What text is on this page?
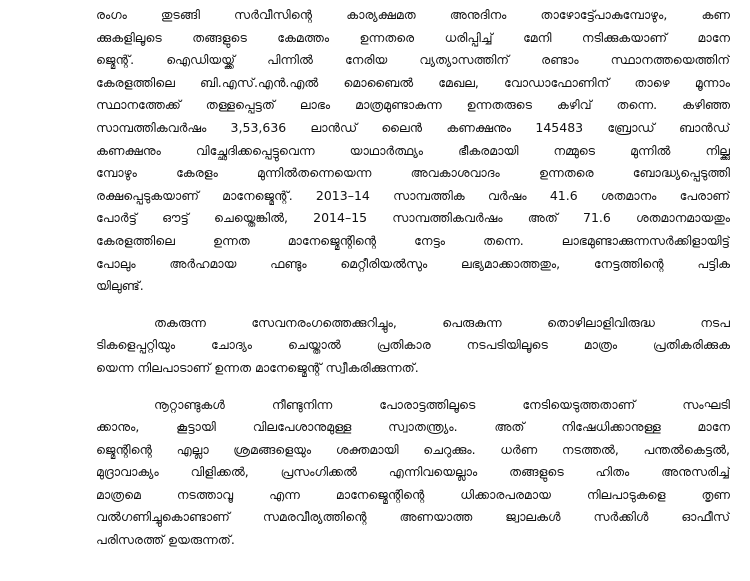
രംഗം തുടങ്ങി സർവീസിന്റെ കാര്യക്ഷമത അനുദിനം താഴോട്ട്പോകുമ്പോഴും, കണ
ക്കുകളിലൂടെ തങ്ങളുടെ കേമത്തം ഉന്നതരെ ധരിപ്പിച്ച് മേനി നടിക്കുകയാണ് മാനേ
ജ്മെന്റ്. ഐഡിയയ്ക്ക് പിന്നിൽ നേരിയ വ്യത്യാസത്തിന് രണ്ടാം സ്ഥാനത്തയെത്തിന്
കേരളത്തിലെ ബി.എസ്.എൻ.എൽ മൊബൈൽ മേഖല, വോഡാഫോണിന് താഴെ മൂന്നാം
സ്ഥാനത്തേക്ക് തള്ളപ്പെട്ടത് ലാഭം മാത്രമുണ്ടാകുന്ന ഉന്നതരുടെ കഴിവ് തന്നെ. കഴിഞ്ഞ
സാമ്പത്തികവർഷം 3,53,636 ലാൻഡ് ലൈൻ കണക്ഷനും 145483 ബ്രോഡ് ബാൻഡ്
കണക്ഷനും വിച്ഛേദിക്കപ്പെട്ടുവെന്ന യാഥാർത്ഥ്യം ഭീകരമായി നമ്മുടെ മുന്നിൽ നില്ക്കു
മ്പോഴും കേരളം മുന്നിൽതന്നെയെന്ന അവകാശവാദം ഉന്നതരെ ബോദ്ധ്യപ്പെടുത്തി
രക്ഷപ്പെടുകയാണ് മാനേജ്മെന്റ്. 2013–14 സാമ്പത്തിക വർഷം 41.6 ശതമാനം പേരാണ്
പോർട്ട് ഔട്ട് ചെയ്തെങ്കിൽ, 2014–15 സാമ്പത്തികവർഷം അത് 71.6 ശതമാനമായതും
കേരളത്തിലെ ഉന്നത മാനേജ്മെന്റിന്റെ നേട്ടം തന്നെ. ലാഭമുണ്ടാക്കുന്നസർക്കിളായിട്ട്
പോലും അർഹമായ ഫണ്ടും മെറ്റീരിയൽസും ലഭ്യമാക്കാത്തതും, നേട്ടത്തിന്റെ പട്ടിക
യിലുണ്ട്.
തകരുന്ന സേവനരംഗത്തെക്കുറിച്ചും, പെരുകുന്ന തൊഴിലാളിവിരുദ്ധ നടപ
ടികളെപ്പറ്റിയും ചോദ്യം ചെയ്താൽ പ്രതികാര നടപടിയിലൂടെ മാത്രം പ്രതികരിക്കുക
യെന്ന നിലപാടാണ് ഉന്നത മാനേജ്മെന്റ് സ്വീകരിക്കുന്നത്.
നൂറ്റാണ്ടുകൾ നീണ്ടുനിന്ന പോരാട്ടത്തിലൂടെ നേടിയെടുത്തതാണ് സംഘടി
ക്കാനും, കൂട്ടായി വിലപേശാനുമുള്ള സ്വാതന്ത്ര്യം. അത് നിഷേധിക്കാനുള്ള മാനേ
ജ്മെന്റിന്റെ എല്ലാ ശ്രമങ്ങളെയും ശക്തമായി ചെറുക്കും. ധർണ നടത്തൽ, പന്തൽകെട്ടൽ,
മുദ്രാവാക്യം വിളിക്കൽ, പ്രസംഗിക്കൽ എന്നിവയെല്ലാം തങ്ങളുടെ ഹിതം അനുസരിച്ച്
മാത്രമെ നടത്താവൂ എന്ന മാനേജ്മെന്റിന്റെ ധിക്കാരപരമായ നിലപാടുകളെ തൃണ
വൽഗണിച്ചുകൊണ്ടാണ് സമരവീര്യത്തിന്റെ അണയാത്ത ജ്വാലകൾ സർക്കിൾ ഓഫീസ്
പരിസരത്ത് ഉയരുന്നത്.
